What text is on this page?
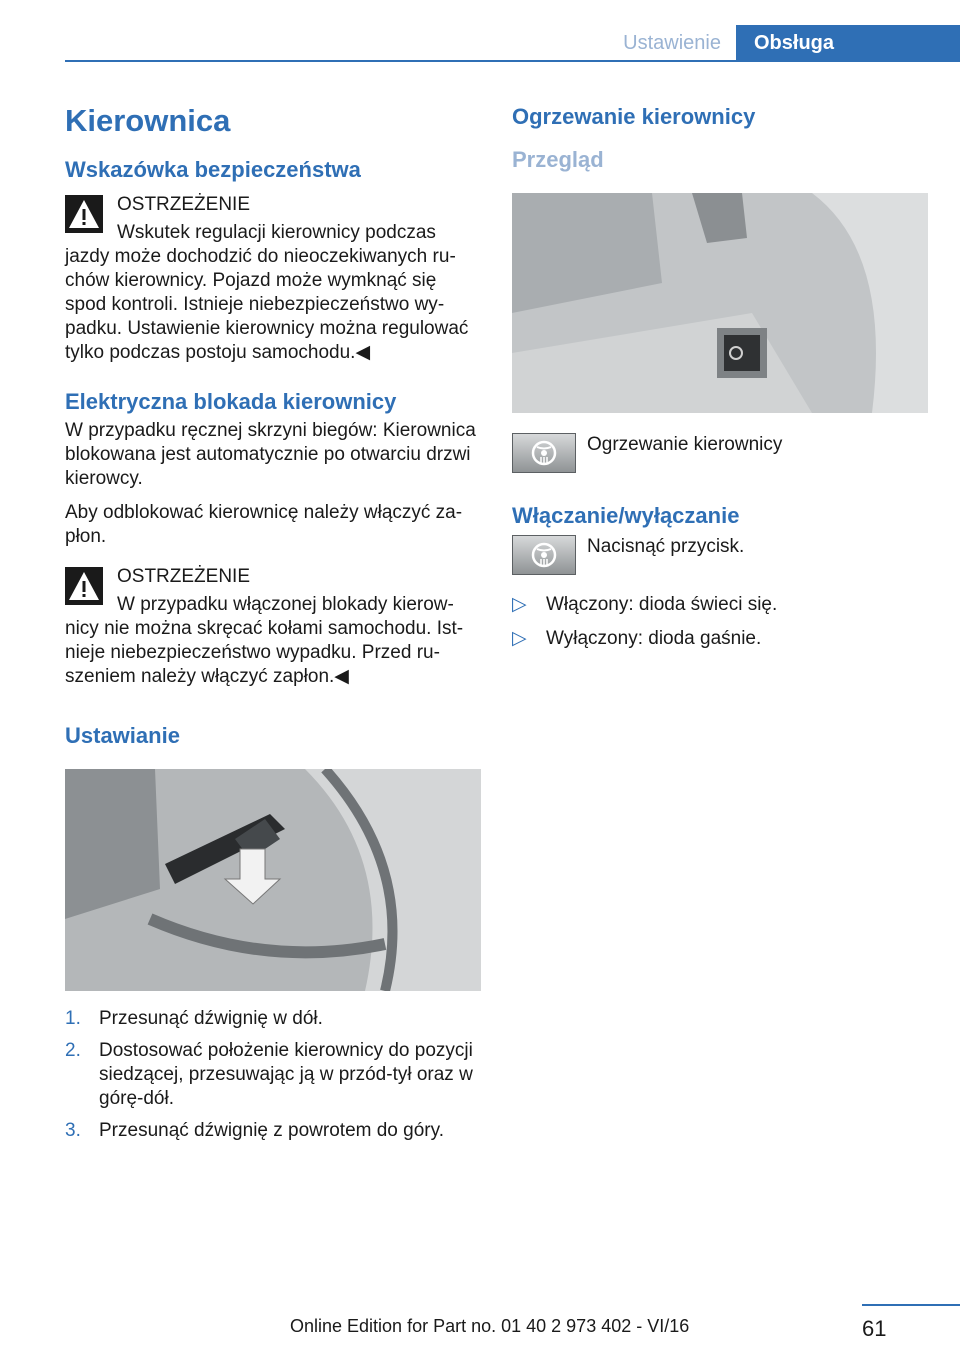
Ustawienie	Obsługa
Kierownica
Wskazówka bezpieczeństwa
OSTRZEŻENIE

Wskutek regulacji kierownicy podczas jazdy może dochodzić do nieoczekiwanych ruchów kierownicy. Pojazd może wymknąć się spod kontroli. Istnieje niebezpieczeństwo wypadku. Ustawienie kierownicy można regulować tylko podczas postoju samochodu.◀

Elektryczna blokada kierownicy

W przypadku ręcznej skrzyni biegów: Kierownica blokowana jest automatycznie po otwarciu drzwi kierowcy.

Aby odblokować kierownicę należy włączyć zapłon.

OSTRZEŻENIE

W przypadku włączonej blokady kierownicy nie można skręcać kołami samochodu. Istnieje niebezpieczeństwo wypadku. Przed ruszeniem należy włączyć zapłon.◀

Ustawianie
1. Przesunąć dźwignię w dół.
2. Dostosować położenie kierownicy do pozycji siedzącej, przesuwając ją w przód-tył oraz w górę-dół.
3. Przesunąć dźwignię z powrotem do góry.
Ogrzewanie kierownicy
Przegląd
Ogrzewanie kierownicy
Włączanie/wyłączanie
Nacisnąć przycisk.
▷ Włączony: dioda świeci się.
▷ Wyłączony: dioda gaśnie.
61
Online Edition for Part no. 01 40 2 973 402 - VI/16
